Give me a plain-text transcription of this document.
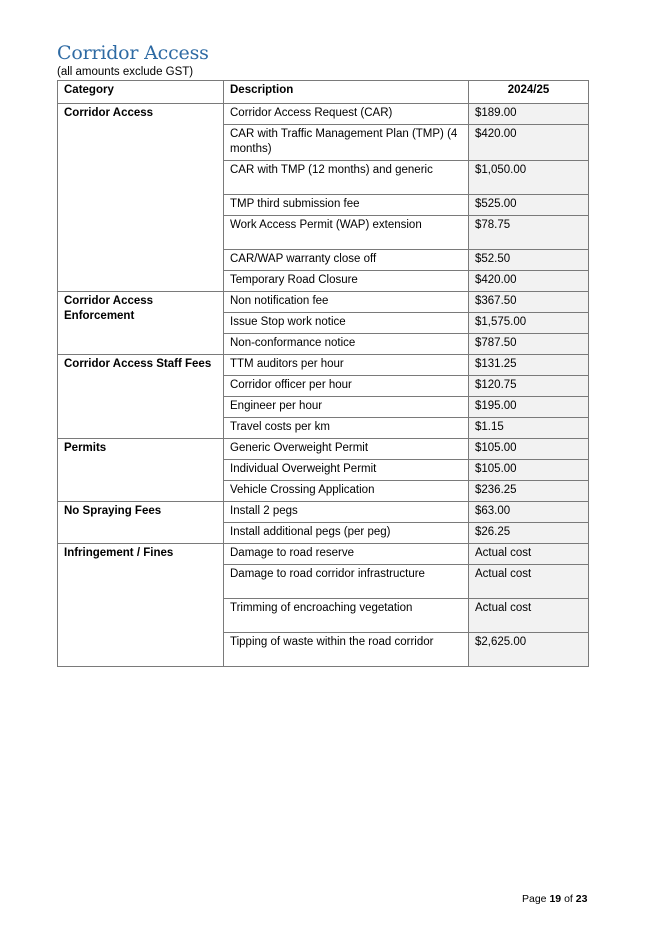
Corridor Access

(all amounts exclude GST)

Category	Description	2024/25
Corridor Access	Corridor Access Request (CAR)	$189.00
	CAR with Traffic Management Plan (TMP) (4 months)	$420.00
	CAR with TMP (12 months) and generic	$1,050.00
	TMP third submission fee	$525.00
	Work Access Permit (WAP) extension	$78.75
	CAR/WAP warranty close off	$52.50
	Temporary Road Closure	$420.00
Corridor Access Enforcement	Non notification fee	$367.50
	Issue Stop work notice	$1,575.00
	Non-conformance notice	$787.50
Corridor Access Staff Fees	TTM auditors per hour	$131.25
	Corridor officer per hour	$120.75
	Engineer per hour	$195.00
	Travel costs per km	$1.15
Permits	Generic Overweight Permit	$105.00
	Individual Overweight Permit	$105.00
	Vehicle Crossing Application	$236.25
No Spraying Fees	Install 2 pegs	$63.00
	Install additional pegs (per peg)	$26.25
Infringement / Fines	Damage to road reserve	Actual cost
	Damage to road corridor infrastructure	Actual cost
	Trimming of encroaching vegetation	Actual cost
	Tipping of waste within the road corridor	$2,625.00
Page 19 of 23
